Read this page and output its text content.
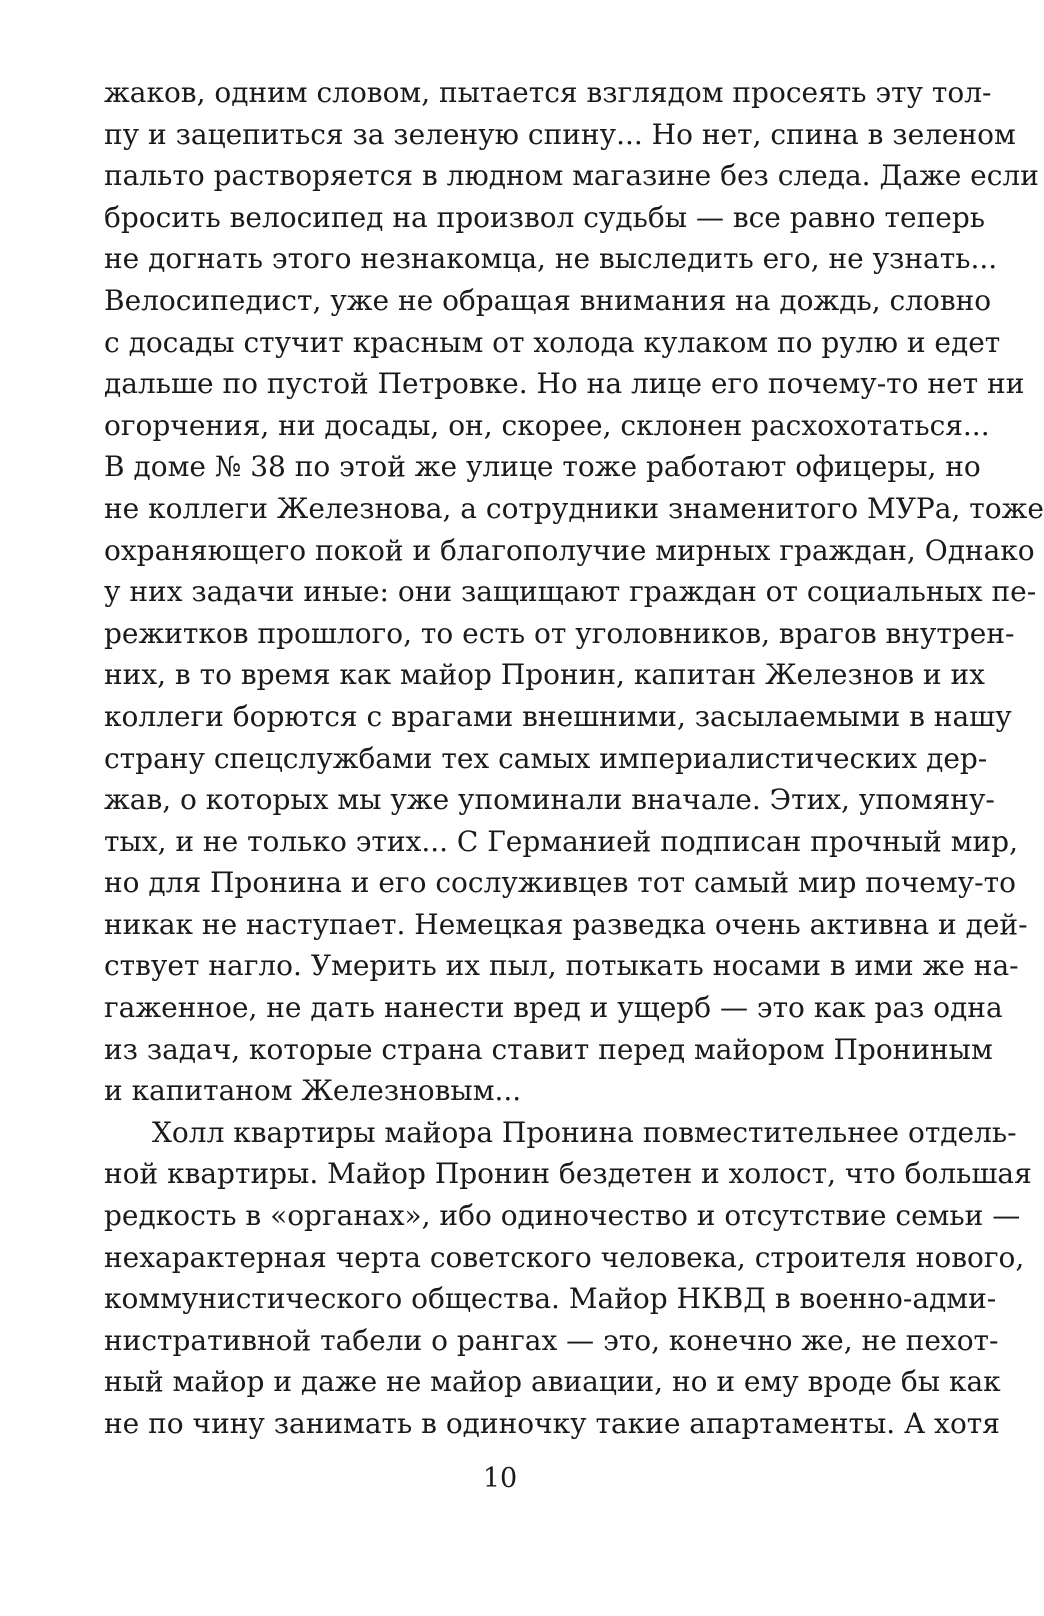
жаков, одним словом, пытается взглядом просеять эту тол-
пу и зацепиться за зеленую спину... Но нет, спина в зеленом
пальто растворяется в людном магазине без следа. Даже если
бросить велосипед на произвол судьбы — все равно теперь
не догнать этого незнакомца, не выследить его, не узнать...
Велосипедист, уже не обращая внимания на дождь, словно
с досады стучит красным от холода кулаком по рулю и едет
дальше по пустой Петровке. Но на лице его почему-то нет ни
огорчения, ни досады, он, скорее, склонен расхохотаться...
В доме № 38 по этой же улице тоже работают офицеры, но
не коллеги Железнова, а сотрудники знаменитого МУРа, тоже
охраняющего покой и благополучие мирных граждан, Однако
у них задачи иные: они защищают граждан от социальных пе-
режитков прошлого, то есть от уголовников, врагов внутрен-
них, в то время как майор Пронин, капитан Железнов и их
коллеги борются с врагами внешними, засылаемыми в нашу
страну спецслужбами тех самых империалистических дер-
жав, о которых мы уже упоминали вначале. Этих, упомяну-
тых, и не только этих... С Германией подписан прочный мир,
но для Пронина и его сослуживцев тот самый мир почему-то
никак не наступает. Немецкая разведка очень активна и дей-
ствует нагло. Умерить их пыл, потыкать носами в ими же на-
гаженное, не дать нанести вред и ущерб — это как раз одна
из задач, которые страна ставит перед майором Прониным
и капитаном Железновым...
Холл квартиры майора Пронина повместительнее отдель-
ной квартиры. Майор Пронин бездетен и холост, что большая
редкость в «органах», ибо одиночество и отсутствие семьи —
нехарактерная черта советского человека, строителя нового,
коммунистического общества. Майор НКВД в военно-адми-
нистративной табели о рангах — это, конечно же, не пехот-
ный майор и даже не майор авиации, но и ему вроде бы как
не по чину занимать в одиночку такие апартаменты. А хотя
10
